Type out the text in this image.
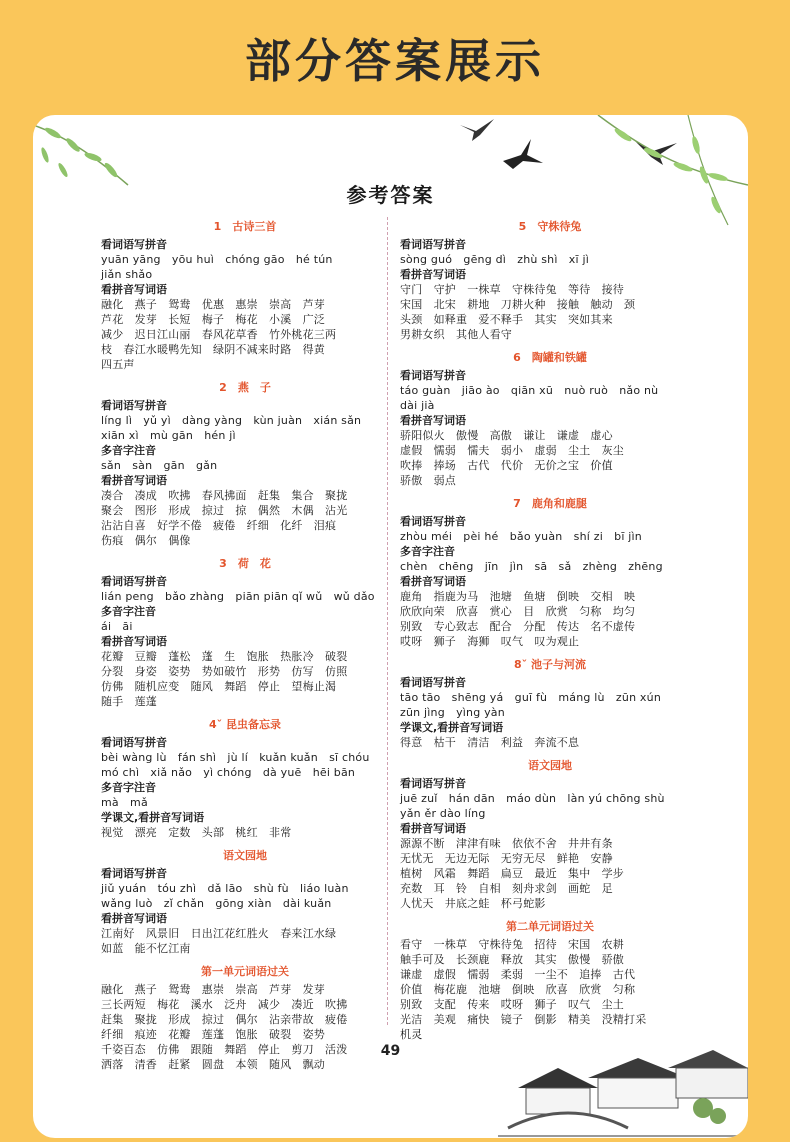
部分答案展示
参考答案
1　古诗三首
看词语写拼音
yuān yāng　yōu huì　chóng gāo　hé tún
jiǎn shǎo
看拼音写词语
融化　燕子　鸳鸯　优惠　惠崇　崇高　芦芽
芦花　发芽　长短　梅子　梅花　小溪　广泛
减少　迟日江山丽　春风花草香　竹外桃花三两
枝　春江水暖鸭先知　绿阴不减来时路　得黄
四五声
2　燕　子
看词语写拼音
líng lì　yǔ yì　dàng yàng　kùn juàn　xián sǎn
xiān xì　mù gān　hén jì
多音字注音
sǎn　sàn　gān　gǎn
看拼音写词语
凑合　凑成　吹拂　春风拂面　赶集　集合　聚拢
聚会　图形　形成　掠过　掠　偶然　木偶　沾光
沾沾自喜　好学不倦　疲倦　纤细　化纤　泪痕
伤痕　偶尔　偶像
3　荷　花
看词语写拼音
lián peng　bǎo zhàng　piān piān qǐ wǔ　wǔ dǎo
多音字注音
ái　āi
看拼音写词语
花瓣　豆瓣　蓬松　蓬　生　饱胀　热胀冷　破裂
分裂　身姿　姿势　势如破竹　形势　仿写　仿照
仿佛　随机应变　随风　舞蹈　停止　望梅止渴
随手　莲蓬
4ˇ 昆虫备忘录
看词语写拼音
bèi wàng lù　fán shì　jù lí　kuǎn kuǎn　sī chóu
mó chì　xiǎ nǎo　yì chóng　dà yuē　hēi bān
多音字注音
mà　mǎ
学课文,看拼音写词语
视觉　漂亮　定数　头部　桃红　非常
语文园地
看词语写拼音
jiǔ yuán　tóu zhì　dǎ lāo　shù fù　liáo luàn
wǎng luò　zǐ chǎn　gōng xiàn　dài kuǎn
看拼音写词语
江南好　风景旧　日出江花红胜火　春来江水绿
如蓝　能不忆江南
第一单元词语过关
融化　燕子　鸳鸯　惠崇　崇高　芦芽　发芽
三长两短　梅花　溪水　泛舟　减少　凑近　吹拂
赶集　聚拢　形成　掠过　偶尔　沾亲带故　疲倦
纤细　痕迹　花瓣　莲蓬　饱胀　破裂　姿势
千姿百态　仿佛　跟随　舞蹈　停止　剪刀　活泼
洒落　清香　赶紧　圆盘　本领　随风　飘动
5　守株待兔
看词语写拼音
sòng guó　gēng dì　zhù shì　xī jì
看拼音写词语
守门　守护　一株草　守株待兔　等待　接待
宋国　北宋　耕地　刀耕火种　接触　触动　颈
头颈　如释重　爱不释手　其实　突如其来
男耕女织　其他人看守
6　陶罐和铁罐
看词语写拼音
táo guàn　jiāo ào　qiān xū　nuò ruò　nǎo nù
dài jià
看拼音写词语
骄阳似火　傲慢　高傲　谦让　谦虚　虚心
虚假　懦弱　懦夫　弱小　虚弱　尘土　灰尘
吹捧　捧场　古代　代价　无价之宝　价值
骄傲　弱点
7　鹿角和鹿腿
看词语写拼音
zhòu méi　pèi hé　bǎo yuàn　shí zi　bī jìn
多音字注音
chèn　chēng　jīn　jìn　sā　sǎ　zhèng　zhēng
看拼音写词语
鹿角　指鹿为马　池塘　鱼塘　倒映　交相　映
欣欣向荣　欣喜　赏心　目　欣赏　匀称　均匀
别致　专心致志　配合　分配　传达　名不虚传
哎呀　狮子　海狮　叹气　叹为观止
8ˇ 池子与河流
看词语写拼音
tāo tāo　shēng yá　guī fù　máng lù　zūn xún
zūn jìng　yìng yàn
学课文,看拼音写词语
得意　枯干　清洁　利益　奔流不息
语文园地
看词语写拼音
juē zuǐ　hán dān　máo dùn　làn yú chōng shù
yǎn ěr dào líng
看拼音写词语
源源不断　津津有味　依依不舍　井井有条
无忧无　无边无际　无穷无尽　鲜艳　安静
植树　风霜　舞蹈　扁豆　最近　集中　学步
充数　耳　铃　自相　刻舟求剑　画蛇　足
人忧天　井底之蛙　杯弓蛇影
第二单元词语过关
看守　一株草　守株待兔　招待　宋国　农耕
触手可及　长颈鹿　释放　其实　傲慢　骄傲
谦虚　虚假　懦弱　柔弱　一尘不　追捧　古代
价值　梅花鹿　池塘　倒映　欣喜　欣赏　匀称
别致　支配　传来　哎呀　狮子　叹气　尘土
光洁　美观　痛快　镜子　倒影　精美　没精打采
机灵
49
